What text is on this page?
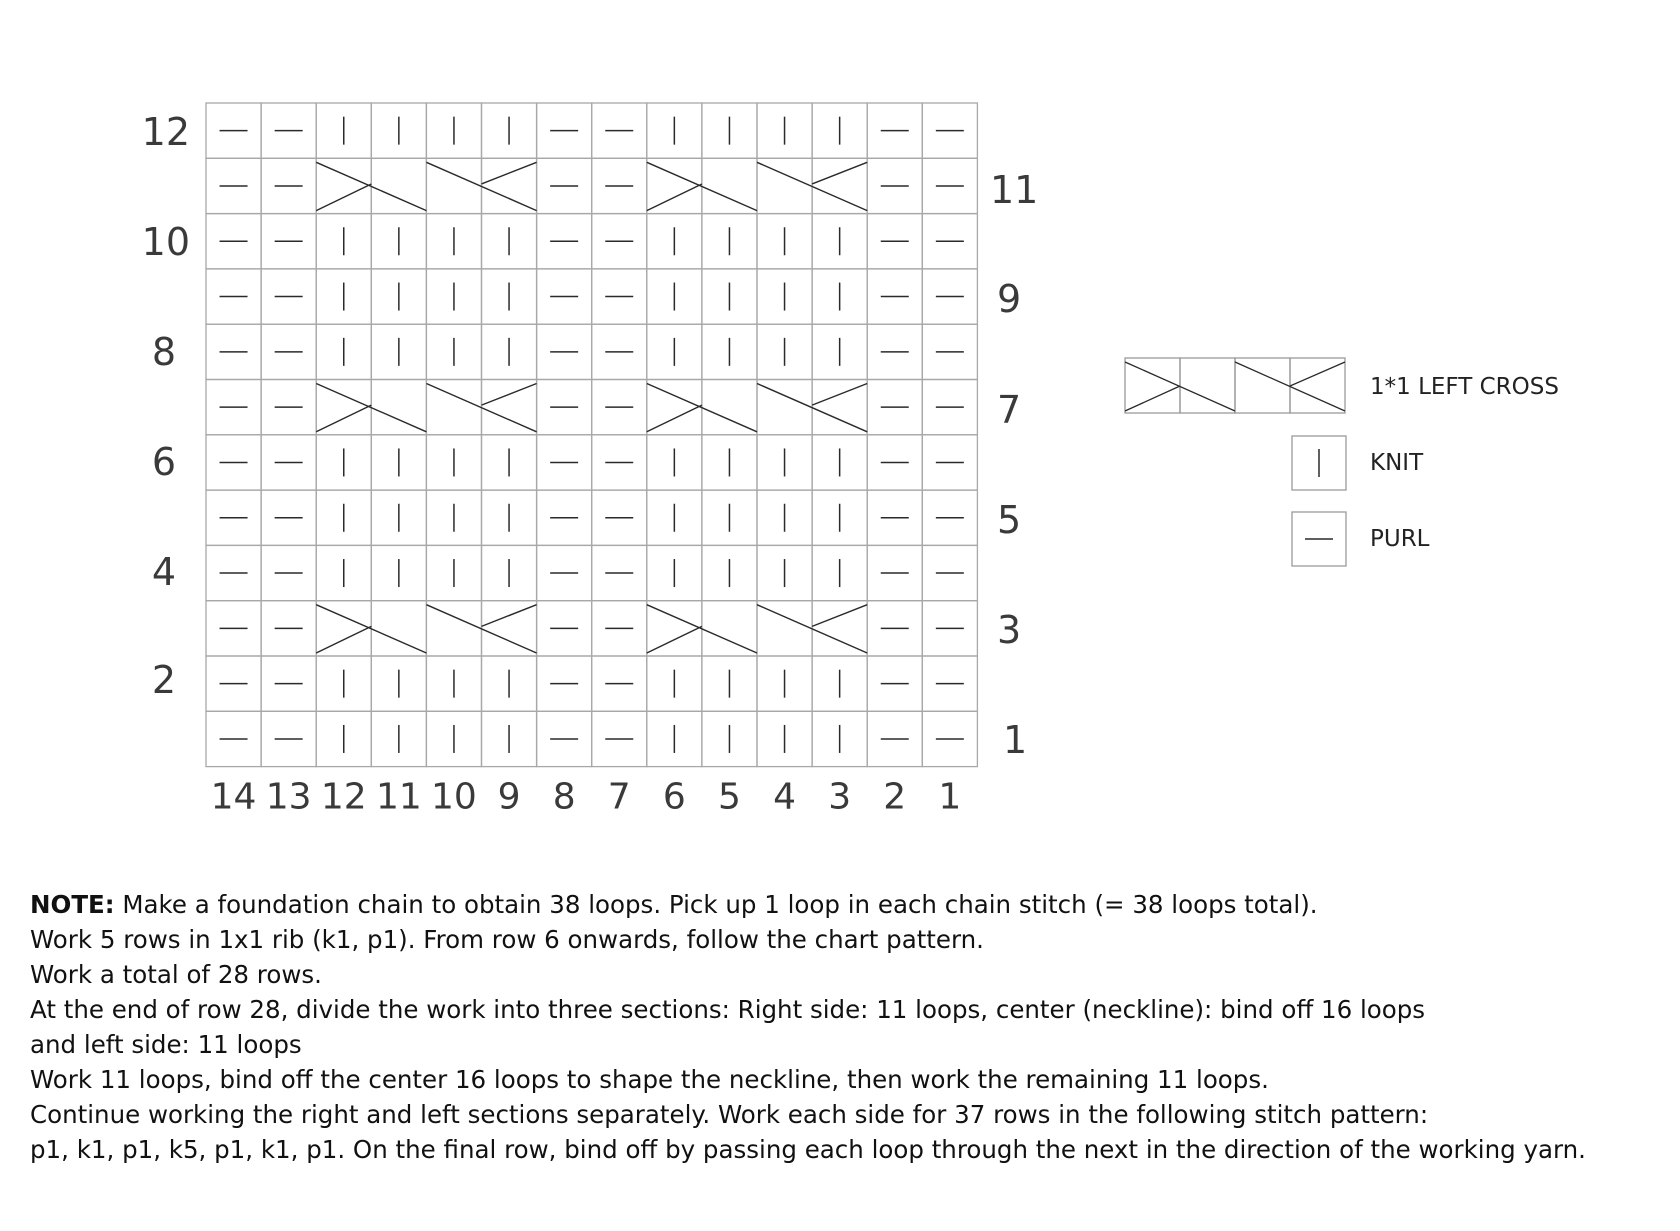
12
10
8
6
4
2
11
9
7
5
3
1
14 13 12 11 10 9 8 7 6 5 4 3 2 1
1*1 LEFT CROSS
KNIT
PURL

NOTE: Make a foundation chain to obtain 38 loops. Pick up 1 loop in each chain stitch (= 38 loops total).

Work 5 rows in 1x1 rib (k1, p1). From row 6 onwards, follow the chart pattern.

Work a total of 28 rows.

At the end of row 28, divide the work into three sections: Right side: 11 loops, center (neckline): bind off 16 loops

and left side: 11 loops

Work 11 loops, bind off the center 16 loops to shape the neckline, then work the remaining 11 loops.

Continue working the right and left sections separately. Work each side for 37 rows in the following stitch pattern:

p1, k1, p1, k5, p1, k1, p1. On the final row, bind off by passing each loop through the next in the direction of the working yarn.
